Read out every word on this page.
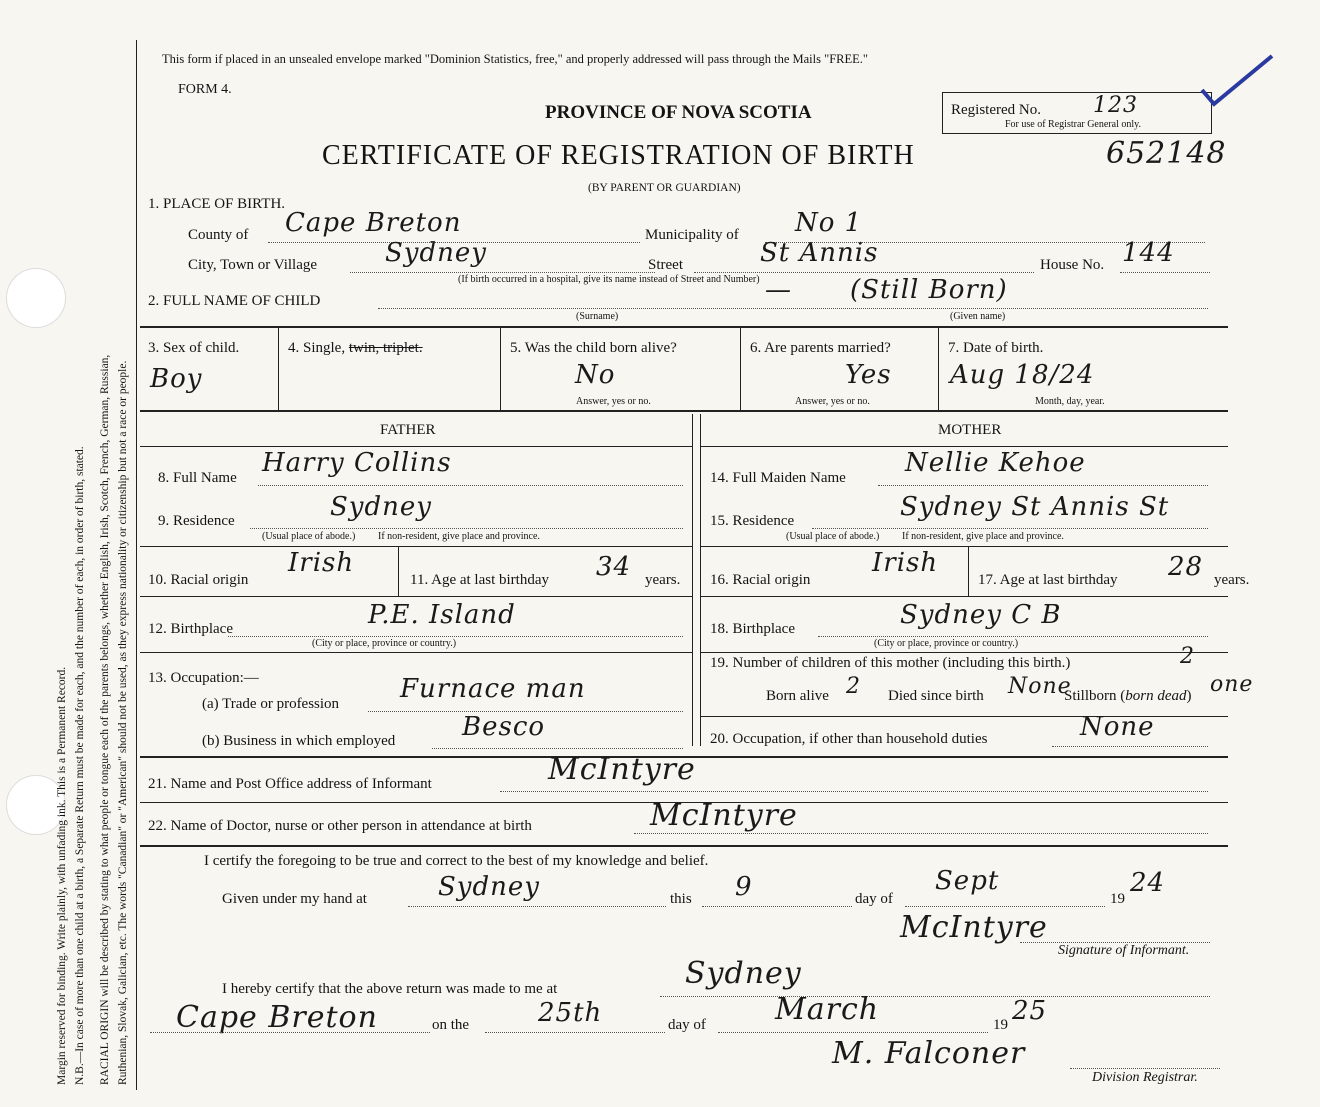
Margin reserved for binding. Write plainly, with unfading ink. This is a Permanent Record. N.B.—In case of more than one child at a birth, a Separate Return must be made for each, and the number of each, in order of birth, stated. RACIAL ORIGIN will be described by stating to what people or tongue each of the parents belongs, whether English, Irish, Scotch, French, German, Russian, Ruthenian, Slovak, Galician, etc. The words "Canadian" or "American" should not be used, as they express nationality or citizenship but not a race or people.
This form if placed in an unsealed envelope marked "Dominion Statistics, free," and properly addressed will pass through the Mails "FREE."
FORM 4.
PROVINCE OF NOVA SCOTIA
CERTIFICATE OF REGISTRATION OF BIRTH
(BY PARENT OR GUARDIAN)
Registered No. 123
For use of Registrar General only.
652148
1. PLACE OF BIRTH.
County of Cape Breton	Municipality of No 1
City, Town or Village	Sydney	Street	St Annis	House No. 144
(If birth occurred in a hospital, give its name instead of Street and Number)
2. FULL NAME OF CHILD	— (Still Born)
(Surname)	(Given name)
3. Sex of child.
Boy
4. Single, twin, triplet.	5. Was the child born alive?
No
Answer, yes or no.
6. Are parents married?
Yes
Answer, yes or no.
7. Date of birth.
Aug 18/24
Month, day, year.
FATHER	MOTHER
8. Full Name Harry Collins
9. Residence	Sydney
(Usual place of abode.) If non-resident, give place and province.
10. Racial origin
Irish
11. Age at last birthday 34 years.
12. Birthplace	P.E. Island
(City or place, province or country.)
13. Occupation:—
(a) Trade or profession Furnace man
(b) Business in which employed	Besco
14. Full Maiden Name Nellie Kehoe
15. Residence	Sydney St Annis St
(Usual place of abode.) If non-resident, give place and province.
16. Racial origin
Irish
17. Age at last birthday 28 years.
18. Birthplace	Sydney C B
(City or place, province or country.)
19. Number of children of this mother (including this birth.)	2
Born alive 2 Died since birth None
Stillborn (born dead) one
20. Occupation, if other than household duties	None
21. Name and Post Office address of Informant	McIntyre
22. Name of Doctor, nurse or other person in attendance at birth	McIntyre
I certify the foregoing to be true and correct to the best of my knowledge and belief.
Given under my hand at	Sydney	this 9	day of
Sept
19
24
McIntyre
Signature of Informant.
I hereby certify that the above return was made to me at	Sydney
Cape Breton	on the	25th	day of March	19 25
M. Falconer
Division Registrar.
